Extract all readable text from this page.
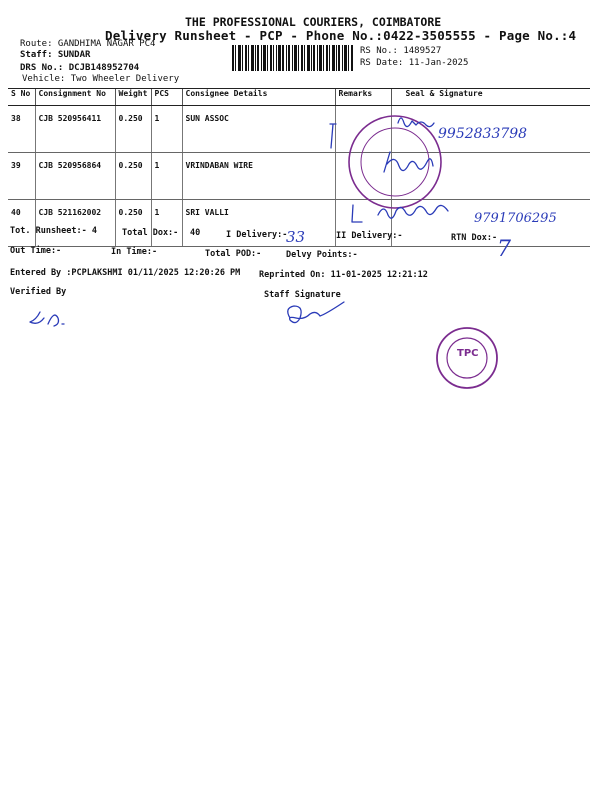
THE PROFESSIONAL COURIERS, COIMBATORE
Delivery Runsheet - PCP - Phone No.:0422-3505555 - Page No.:4
Route: GANDHIMA NAGAR PC4
Staff: SUNDAR
DRS No.: DCJB148952704
Vehicle: Two Wheeler Delivery
RS No.: 1489527
RS Date: 11-Jan-2025
S No	Consignment No	Weight	PCS	Consignee Details	Remarks	Seal & Signature
38	CJB 520956411	0.250	1	SUN ASSOC		
39	CJB 520956864	0.250	1	VRINDABAN WIRE		
40	CJB 521162002	0.250	1	SRI VALLI		
Tot. Runsheet:- 4	Total Dox:- 40	I Delivery:-	II Delivery:-	RTN Dox:-
Out Time:-	In Time:-	Total POD:-	Delvy Points:-
Entered By :PCPLAKSHMI 01/11/2025 12:20:26 PM Reprinted On: 11-01-2025 12:21:12
Verified By	Staff Signature
9952833798
9791706295
33	7
TPC
